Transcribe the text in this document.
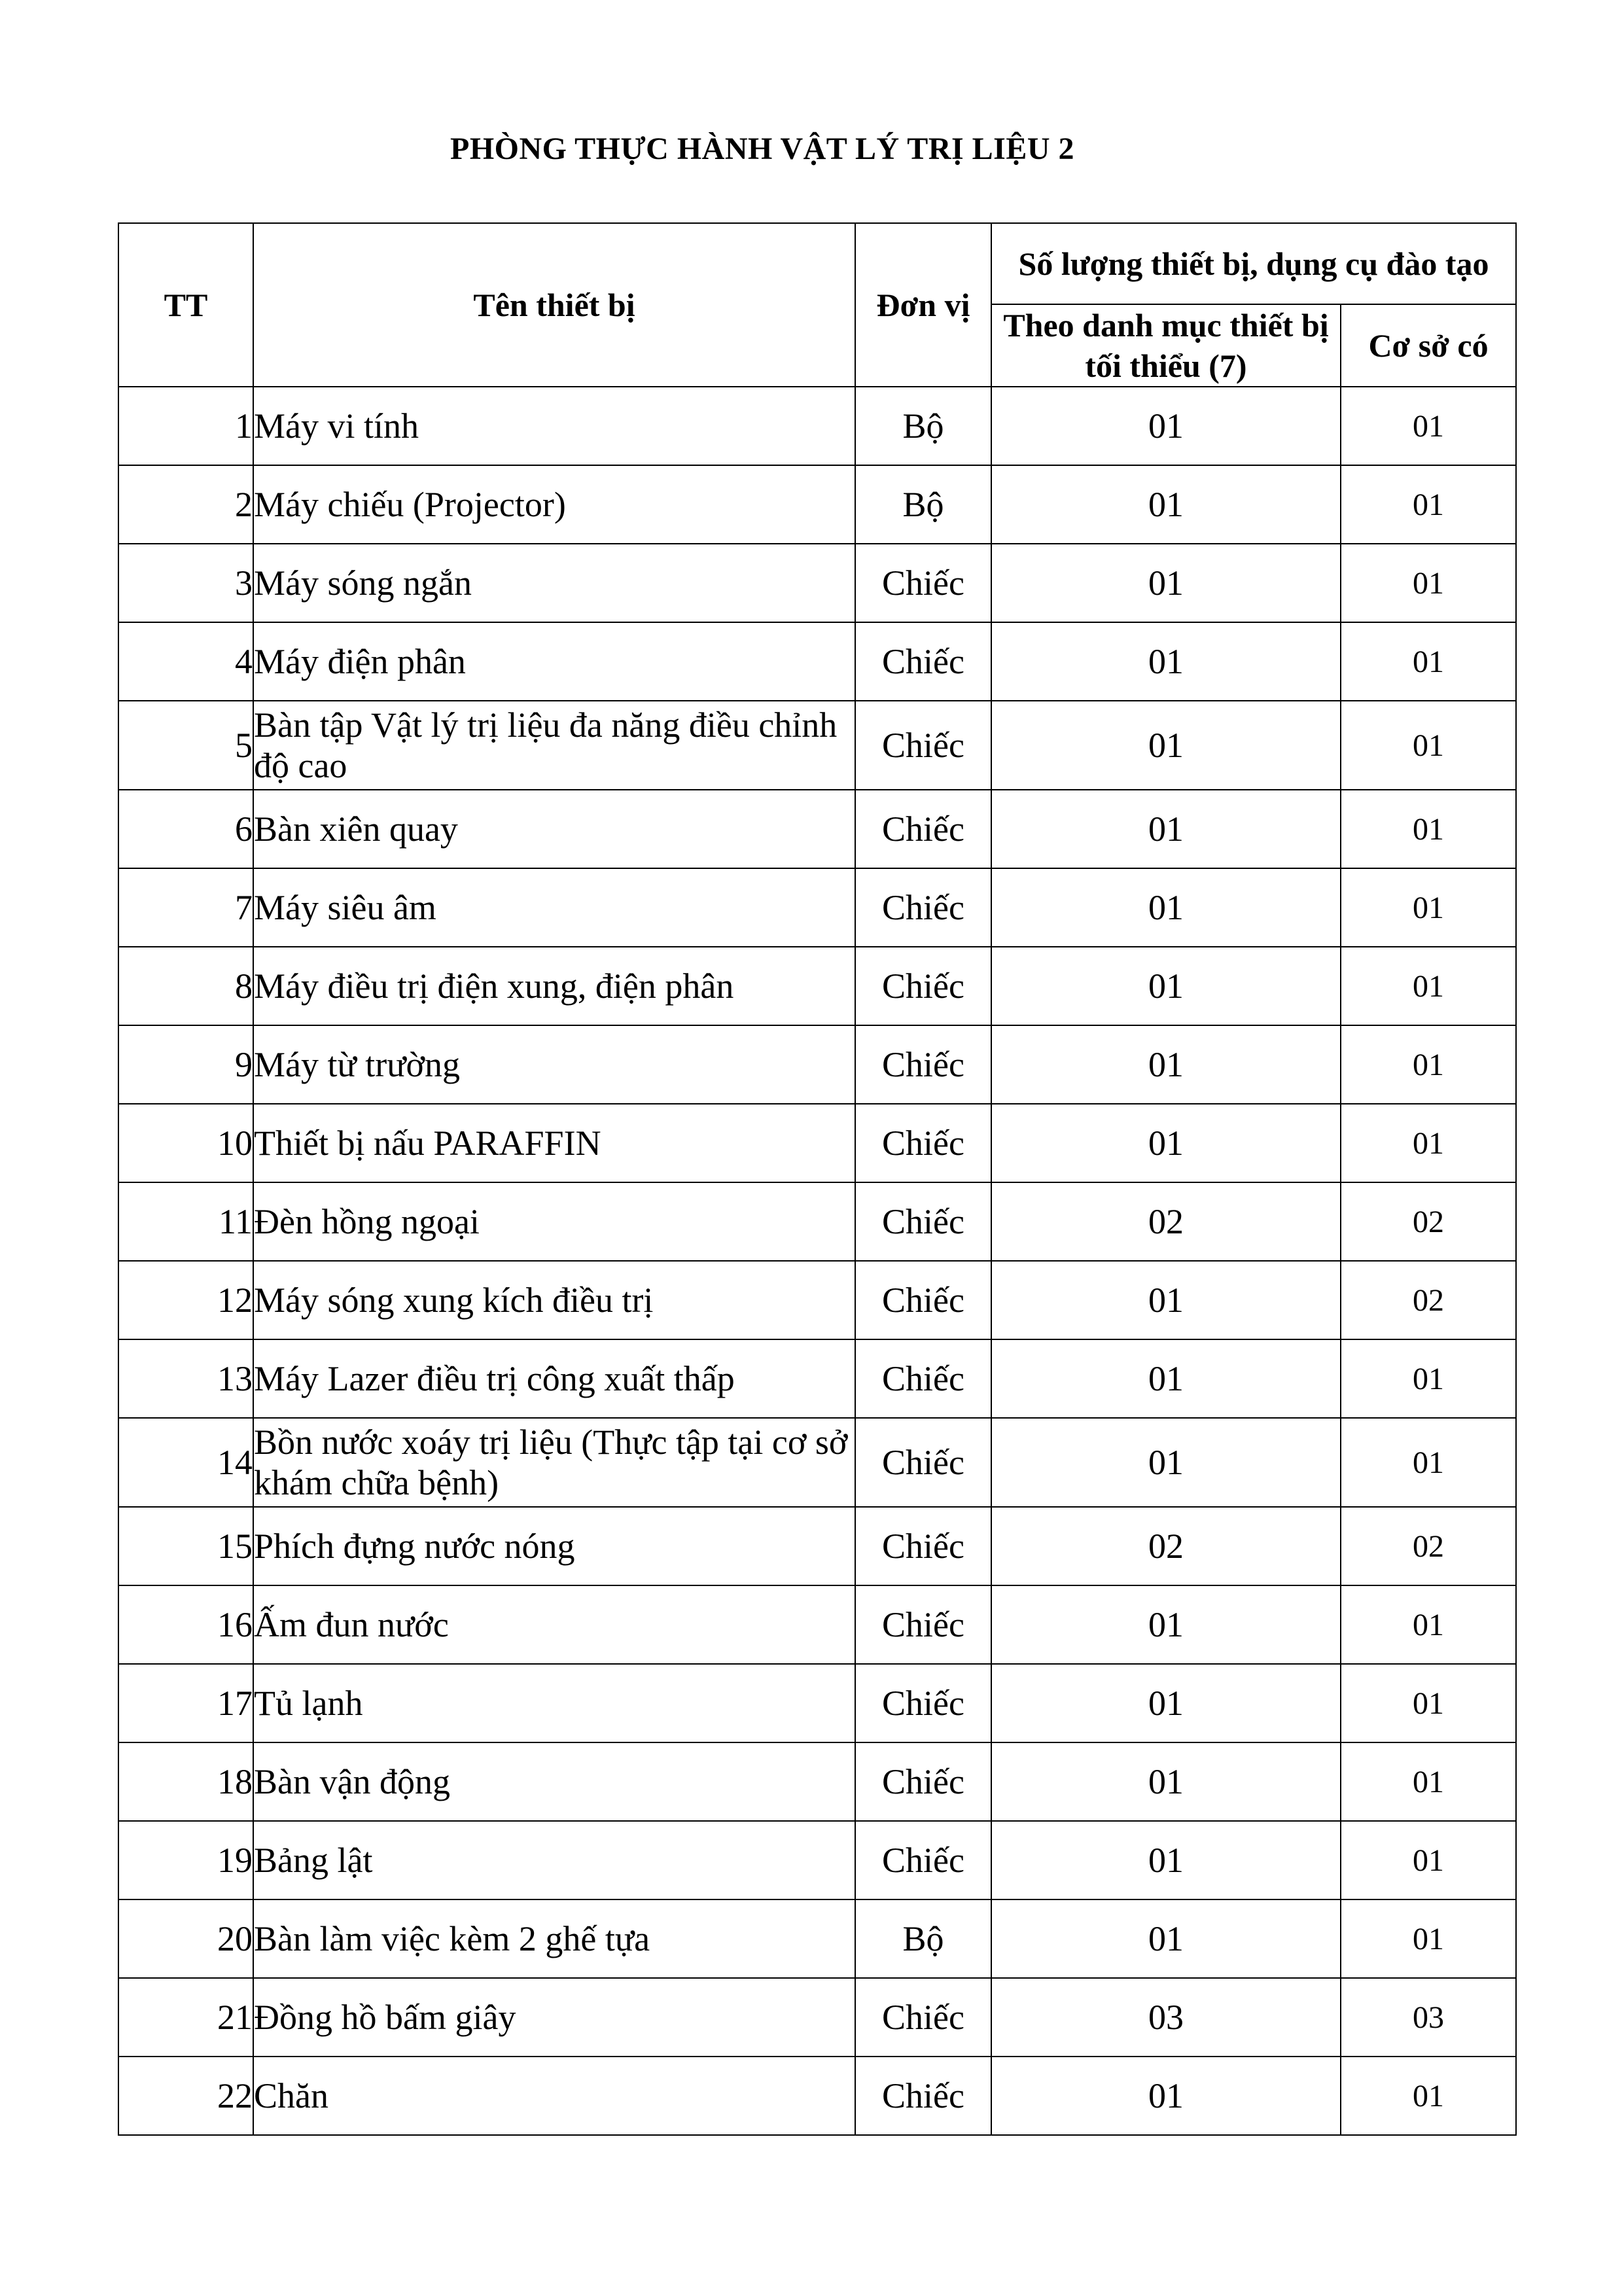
PHÒNG THỰC HÀNH VẬT LÝ TRỊ LIỆU 2
TT	Tên thiết bị	Đơn vị	Số lượng thiết bị, dụng cụ đào tạo	
			Theo danh mục thiết bị tối thiểu (7)	Cơ sở có
1	Máy vi tính	Bộ	01	01
2	Máy chiếu (Projector)	Bộ	01	01
3	Máy sóng ngắn	Chiếc	01	01
4	Máy điện phân	Chiếc	01	01
5	Bàn tập Vật lý trị liệu đa năng điều chỉnh độ cao	Chiếc	01	01
6	Bàn xiên quay	Chiếc	01	01
7	Máy siêu âm	Chiếc	01	01
8	Máy điều trị điện xung, điện phân	Chiếc	01	01
9	Máy từ trường	Chiếc	01	01
10	Thiết bị nấu PARAFFIN	Chiếc	01	01
11	Đèn hồng ngoại	Chiếc	02	02
12	Máy sóng xung kích điều trị	Chiếc	01	02
13	Máy Lazer điều trị công xuất thấp	Chiếc	01	01
14	Bồn nước xoáy trị liệu (Thực tập tại cơ sở khám chữa bệnh)	Chiếc	01	01
15	Phích đựng nước nóng	Chiếc	02	02
16	Ấm đun nước	Chiếc	01	01
17	Tủ lạnh	Chiếc	01	01
18	Bàn vận động	Chiếc	01	01
19	Bảng lật	Chiếc	01	01
20	Bàn làm việc kèm 2 ghế tựa	Bộ	01	01
21	Đồng hồ bấm giây	Chiếc	03	03
22	Chăn	Chiếc	01	01
